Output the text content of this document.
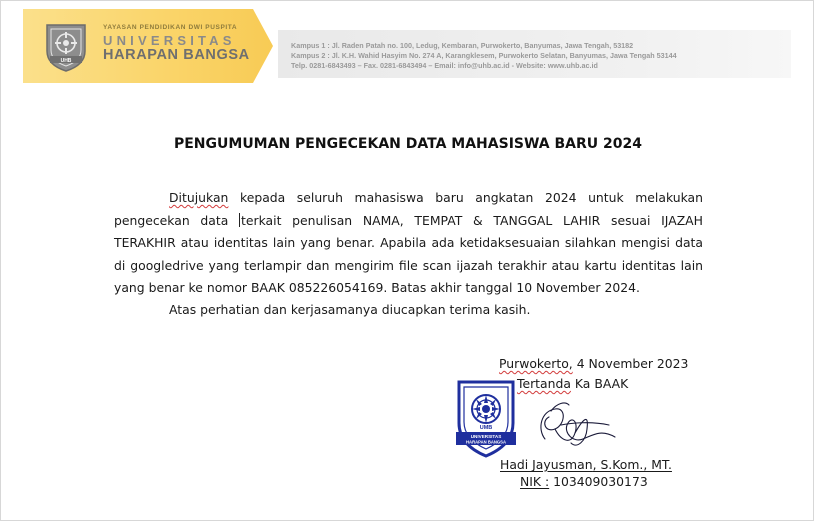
UHB
YAYASAN PENDIDIKAN DWI PUSPITA
UNIVERSITAS
HARAPAN BANGSA
Kampus 1 : Jl. Raden Patah no. 100, Ledug, Kembaran, Purwokerto, Banyumas, Jawa Tengah, 53182
Kampus 2 : Jl. K.H. Wahid Hasyim No. 274 A, Karangklesem, Purwokerto Selatan, Banyumas, Jawa Tengah 53144
Telp. 0281-6843493 – Fax. 0281-6843494 – Email: info@uhb.ac.id - Website: www.uhb.ac.id
PENGUMUMAN PENGECEKAN DATA MAHASISWA BARU 2024
Ditujukan kepada seluruh mahasiswa baru angkatan 2024 untuk melakukan
pengecekan data terkait penulisan NAMA, TEMPAT & TANGGAL LAHIR sesuai IJAZAH
TERAKHIR atau identitas lain yang benar. Apabila ada ketidaksesuaian silahkan mengisi data
di googledrive yang terlampir dan mengirim file scan ijazah terakhir atau kartu identitas lain
yang benar ke nomor BAAK 085226054169. Batas akhir tanggal 10 November 2024.
Atas perhatian dan kerjasamanya diucapkan terima kasih.
Purwokerto, 4 November 2023
Tertanda Ka BAAK
UMB
UNIVERSITAS
HARAPAN BANGSA
Hadi Jayusman, S.Kom., MT.
NIK : 103409030173
